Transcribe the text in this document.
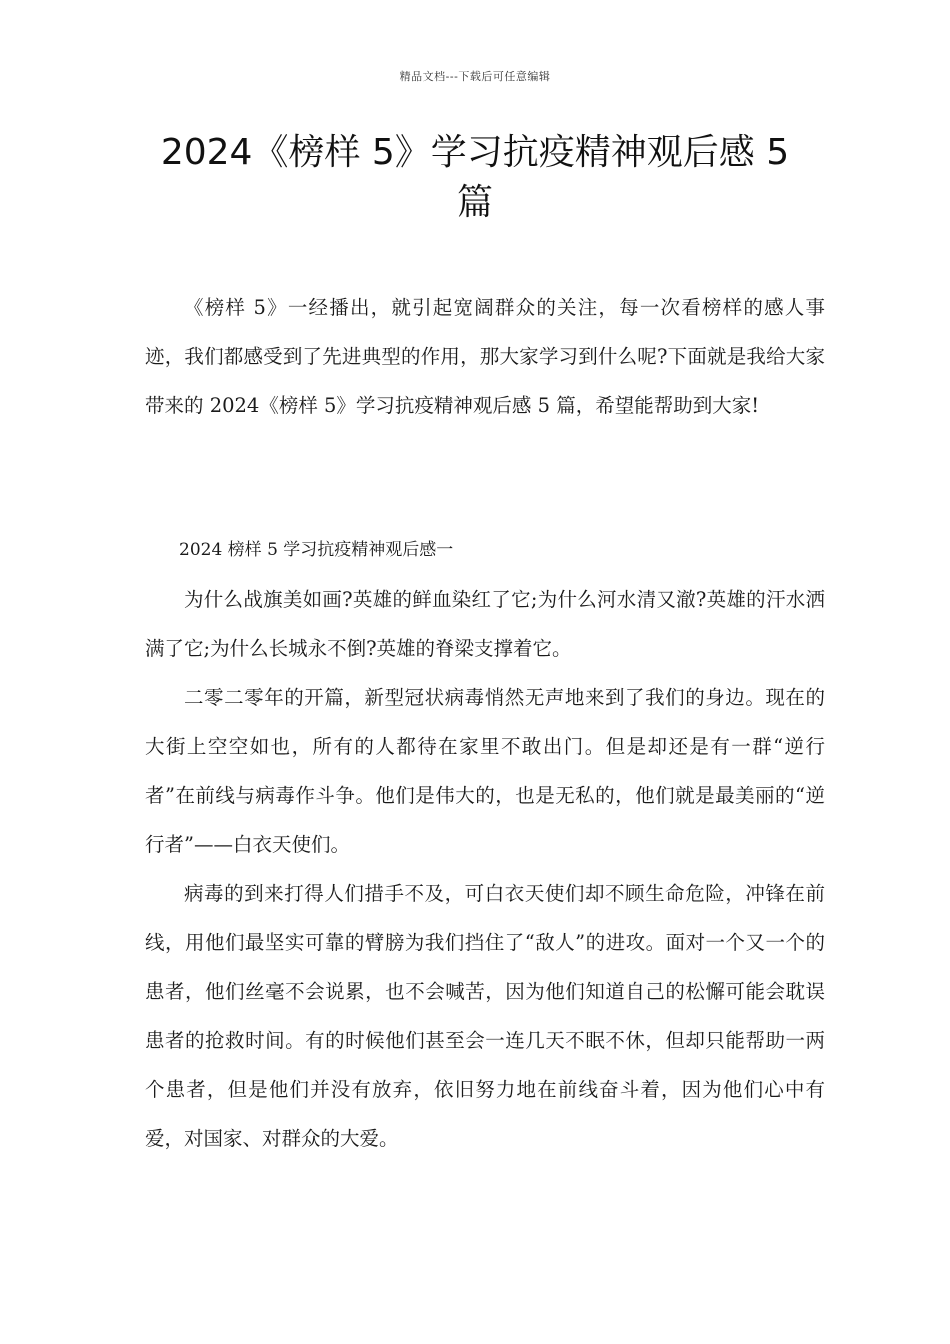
精品文档---下载后可任意编辑
2024《榜样 5》学习抗疫精神观后感 5 篇

《榜样 5》一经播出，就引起宽阔群众的关注，每一次看榜样的感人事迹，我们都感受到了先进典型的作用，那大家学习到什么呢?下面就是我给大家带来的 2024《榜样 5》学习抗疫精神观后感 5 篇，希望能帮助到大家!

2024 榜样 5 学习抗疫精神观后感一

为什么战旗美如画?英雄的鲜血染红了它;为什么河水清又澈?英雄的汗水洒满了它;为什么长城永不倒?英雄的脊梁支撑着它。

二零二零年的开篇，新型冠状病毒悄然无声地来到了我们的身边。现在的大街上空空如也，所有的人都待在家里不敢出门。但是却还是有一群“逆行者”在前线与病毒作斗争。他们是伟大的，也是无私的，他们就是最美丽的“逆行者”——白衣天使们。

病毒的到来打得人们措手不及，可白衣天使们却不顾生命危险，冲锋在前线，用他们最坚实可靠的臂膀为我们挡住了“敌人”的进攻。面对一个又一个的患者，他们丝毫不会说累，也不会喊苦，因为他们知道自己的松懈可能会耽误患者的抢救时间。有的时候他们甚至会一连几天不眠不休，但却只能帮助一两个患者，但是他们并没有放弃，依旧努力地在前线奋斗着，因为他们心中有爱，对国家、对群众的大爱。
